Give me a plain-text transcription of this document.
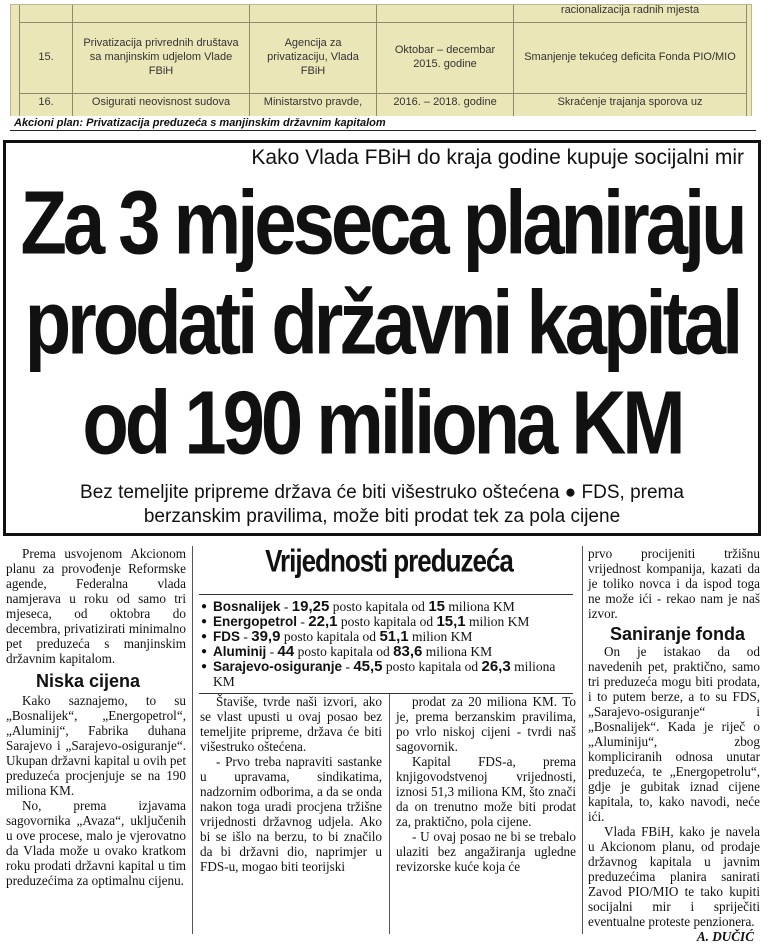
				racionalizacija radnih mjesta
15.	Privatizacija privrednih društava sa manjinskim udjelom Vlade FBiH	Agencija za privatizaciju, Vlada FBiH	Oktobar – decembar 2015. godine	Smanjenje tekućeg deficita Fonda PIO/MIO
16.	Osigurati neovisnost sudova	Ministarstvo pravde,	2016. – 2018. godine	Skraćenje trajanja sporova uz
Akcioni plan: Privatizacija preduzeća s manjinskim državnim kapitalom
Kako Vlada FBiH do kraja godine kupuje socijalni mir
Za 3 mjeseca planiraju
prodati državni kapital
od 190 miliona KM
Bez temeljite pripreme država će biti višestruko oštećena ● FDS, prema
berzanskim pravilima, može biti prodat tek za pola cijene

Prema usvojenom Akcionom planu za provođenje Reformske agende, Federalna vlada namjerava u roku od samo tri mjeseca, od oktobra do decembra, privatizirati minimalno pet preduzeća s manjinskim državnim kapitalom.

Niska cijena

Kako saznajemo, to su „Bosnalijek“, „Energopetrol“, „Aluminij“, Fabrika duhana Sarajevo i „Sarajevo-osiguranje“. Ukupan državni kapital u ovih pet preduzeća procjenjuje se na 190 miliona KM.

No, prema izjavama sagovornika „Avaza“, uključenih u ove procese, malo je vjerovatno da Vlada može u ovako kratkom roku prodati državni kapital u tim preduzećima za optimalnu cijenu.

Vrijednosti preduzeća
● Bosnalijek - 19,25 posto kapitala od 15 miliona KM
● Energopetrol - 22,1 posto kapitala od 15,1 milion KM
● FDS - 39,9 posto kapitala od 51,1 milion KM
● Aluminij - 44 posto kapitala od 83,6 miliona KM
● Sarajevo-osiguranje - 45,5 posto kapitala od 26,3 miliona KM

Štaviše, tvrde naši izvori, ako se vlast upusti u ovaj posao bez temeljite pripreme, država će biti višestruko oštećena.

- Prvo treba napraviti sastanke u upravama, sindikatima, nadzornim odborima, a da se onda nakon toga uradi procjena tržišne vrijednosti državnog udjela. Ako bi se išlo na berzu, to bi značilo da bi državni dio, naprimjer u FDS-u, mogao biti teorijski

prodat za 20 miliona KM. To je, prema berzanskim pravilima, po vrlo niskoj cijeni - tvrdi naš sagovornik.

Kapital FDS-a, prema knjigovodstvenoj vrijednosti, iznosi 51,3 miliona KM, što znači da on trenutno može biti prodat za, praktično, pola cijene.

- U ovaj posao ne bi se trebalo ulaziti bez angažiranja ugledne revizorske kuće koja će

prvo procijeniti tržišnu vrijednost kompanija, kazati da je toliko novca i da ispod toga ne može ići - rekao nam je naš izvor.

Saniranje fonda

On je istakao da od navedenih pet, praktično, samo tri preduzeća mogu biti prodata, i to putem berze, a to su FDS, „Sarajevo-osiguranje“ i „Bosnalijek“. Kada je riječ o „Aluminiju“, zbog kompliciranih odnosa unutar preduzeća, te „Energopetrolu“, gdje je gubitak iznad cijene kapitala, to, kako navodi, neće ići.

Vlada FBiH, kako je navela u Akcionom planu, od prodaje državnog kapitala u javnim preduzećima planira sanirati Zavod PIO/MIO te tako kupiti socijalni mir i spriječiti eventualne proteste penzionera.

A. DUČIĆ
